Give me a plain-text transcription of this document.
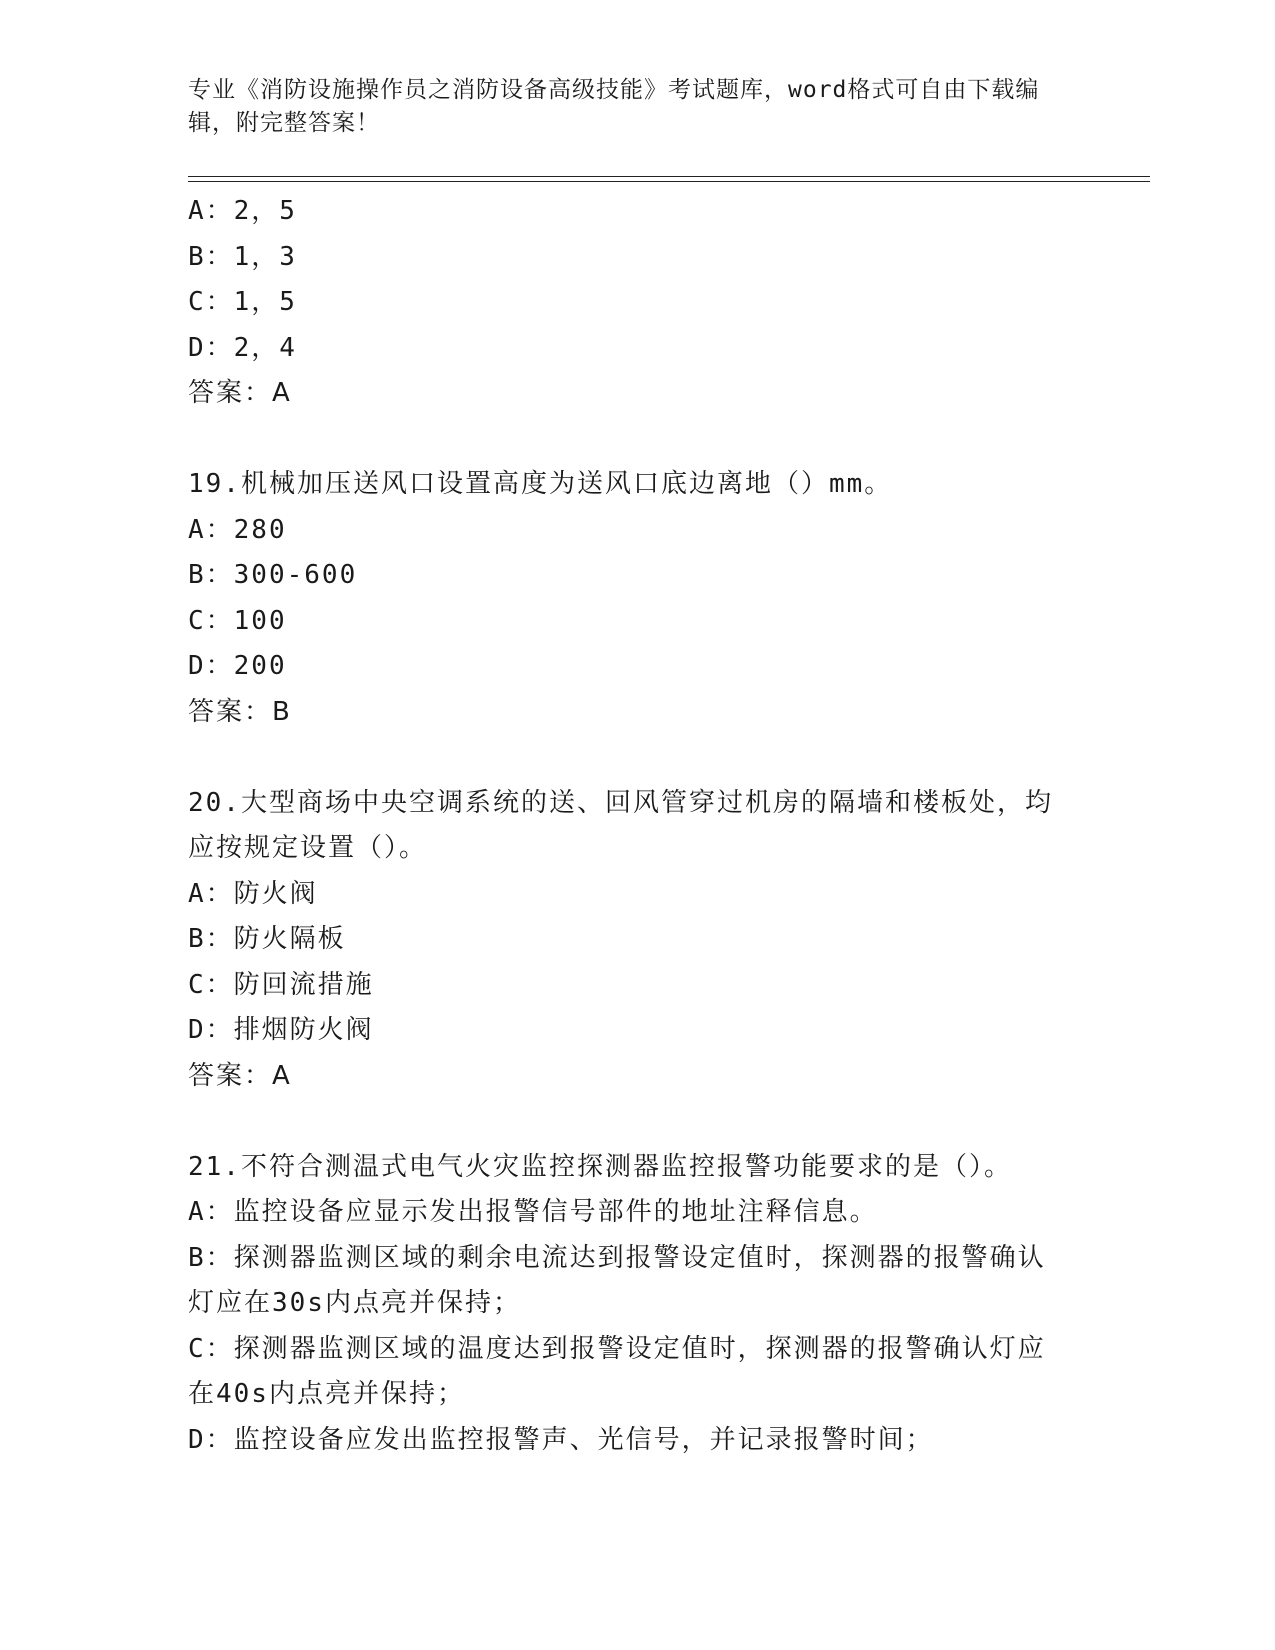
专业《消防设施操作员之消防设备高级技能》考试题库，word格式可自由下载编辑，附完整答案！
A：2，5
B：1，3
C：1，5
D：2，4
答案：A
19.机械加压送风口设置高度为送风口底边离地（）mm。
A：280
B：300-600
C：100
D：200
答案：B
20.大型商场中央空调系统的送、回风管穿过机房的隔墙和楼板处，均
应按规定设置（）。
A：防火阀
B：防火隔板
C：防回流措施
D：排烟防火阀
答案：A
21.不符合测温式电气火灾监控探测器监控报警功能要求的是（）。
A：监控设备应显示发出报警信号部件的地址注释信息。
B：探测器监测区域的剩余电流达到报警设定值时，探测器的报警确认
灯应在30s内点亮并保持；
C：探测器监测区域的温度达到报警设定值时，探测器的报警确认灯应
在40s内点亮并保持；
D：监控设备应发出监控报警声、光信号，并记录报警时间；
